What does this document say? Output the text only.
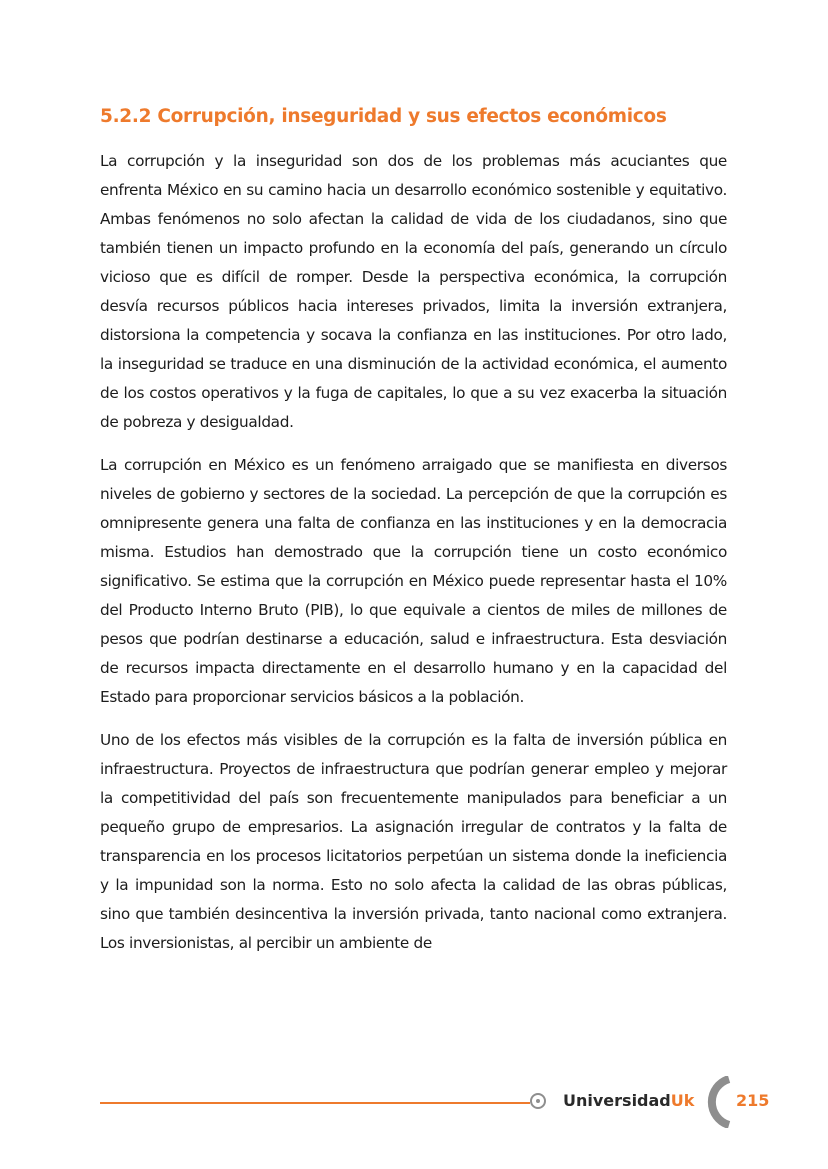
5.2.2 Corrupción, inseguridad y sus efectos económicos

La corrupción y la inseguridad son dos de los problemas más acuciantes que enfrenta México en su camino hacia un desarrollo económico sostenible y equitativo. Ambas fenómenos no solo afectan la calidad de vida de los ciudadanos, sino que también tienen un impacto profundo en la economía del país, generando un círculo vicioso que es difícil de romper. Desde la perspectiva económica, la corrupción desvía recursos públicos hacia intereses privados, limita la inversión extranjera, distorsiona la competencia y socava la confianza en las instituciones. Por otro lado, la inseguridad se traduce en una disminución de la actividad económica, el aumento de los costos operativos y la fuga de capitales, lo que a su vez exacerba la situación de pobreza y desigualdad.

La corrupción en México es un fenómeno arraigado que se manifiesta en diversos niveles de gobierno y sectores de la sociedad. La percepción de que la corrupción es omnipresente genera una falta de confianza en las instituciones y en la democracia misma. Estudios han demostrado que la corrupción tiene un costo económico significativo. Se estima que la corrupción en México puede representar hasta el 10% del Producto Interno Bruto (PIB), lo que equivale a cientos de miles de millones de pesos que podrían destinarse a educación, salud e infraestructura. Esta desviación de recursos impacta directamente en el desarrollo humano y en la capacidad del Estado para proporcionar servicios básicos a la población.

Uno de los efectos más visibles de la corrupción es la falta de inversión pública en infraestructura. Proyectos de infraestructura que podrían generar empleo y mejorar la competitividad del país son frecuentemente manipulados para beneficiar a un pequeño grupo de empresarios. La asignación irregular de contratos y la falta de transparencia en los procesos licitatorios perpetúan un sistema donde la ineficiencia y la impunidad son la norma. Esto no solo afecta la calidad de las obras públicas, sino que también desincentiva la inversión privada, tanto nacional como extranjera. Los inversionistas, al percibir un ambiente de

UniversidadUk	215
